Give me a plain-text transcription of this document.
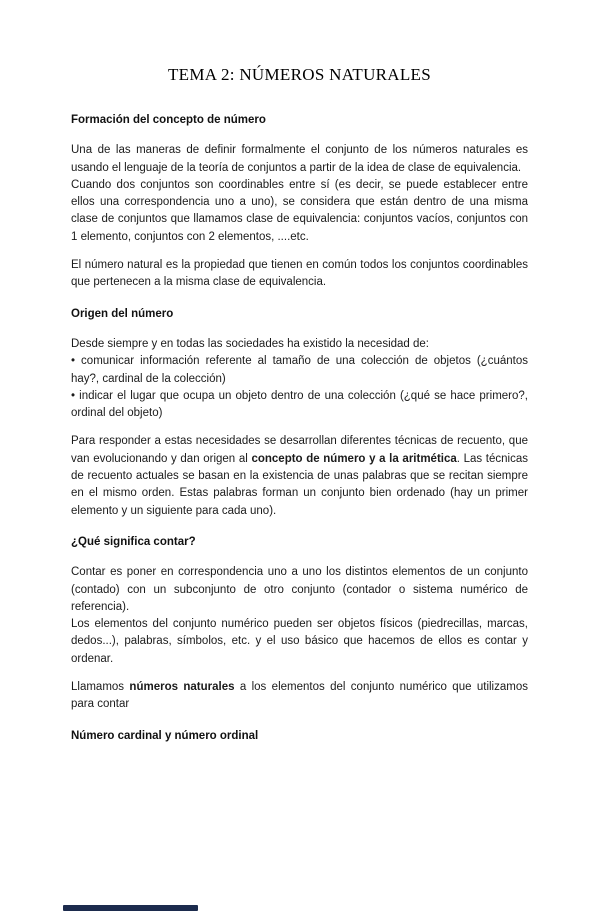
TEMA 2: NÚMEROS NATURALES
Formación del concepto de número

Una de las maneras de definir formalmente el conjunto de los números naturales es usando el lenguaje de la teoría de conjuntos a partir de la idea de clase de equivalencia.

Cuando dos conjuntos son coordinables entre sí (es decir, se puede establecer entre ellos una correspondencia uno a uno), se considera que están dentro de una misma clase de conjuntos que llamamos clase de equivalencia: conjuntos vacíos, conjuntos con 1 elemento, conjuntos con 2 elementos, ....etc.

El número natural es la propiedad que tienen en común todos los conjuntos coordinables que pertenecen a la misma clase de equivalencia.

Origen del número

Desde siempre y en todas las sociedades ha existido la necesidad de:

• comunicar información referente al tamaño de una colección de objetos (¿cuántos hay?, cardinal de la colección)

• indicar el lugar que ocupa un objeto dentro de una colección (¿qué se hace primero?, ordinal del objeto)

Para responder a estas necesidades se desarrollan diferentes técnicas de recuento, que van evolucionando y dan origen al concepto de número y a la aritmética. Las técnicas de recuento actuales se basan en la existencia de unas palabras que se recitan siempre en el mismo orden. Estas palabras forman un conjunto bien ordenado (hay un primer elemento y un siguiente para cada uno).

¿Qué significa contar?

Contar es poner en correspondencia uno a uno los distintos elementos de un conjunto (contado) con un subconjunto de otro conjunto (contador o sistema numérico de referencia).

Los elementos del conjunto numérico pueden ser objetos físicos (piedrecillas, marcas, dedos...), palabras, símbolos, etc. y el uso básico que hacemos de ellos es contar y ordenar.

Llamamos números naturales a los elementos del conjunto numérico que utilizamos para contar

Número cardinal y número ordinal
